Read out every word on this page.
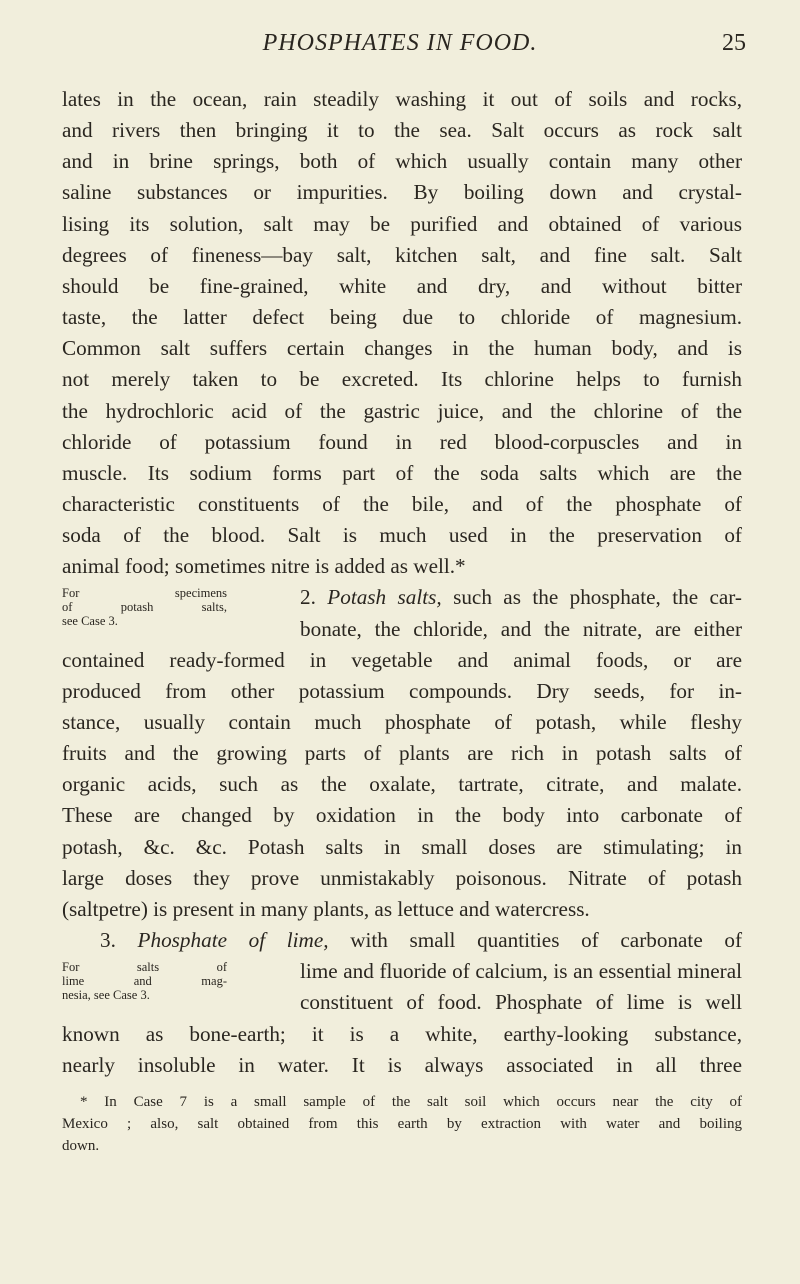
PHOSPHATES IN FOOD.	25
lates in the ocean, rain steadily washing it out of soils and rocks,
and rivers then bringing it to the sea. Salt occurs as rock salt
and in brine springs, both of which usually contain many other
saline substances or impurities. By boiling down and crystal-
lising its solution, salt may be purified and obtained of various
degrees of fineness—bay salt, kitchen salt, and fine salt. Salt
should be fine-grained, white and dry, and without bitter
taste, the latter defect being due to chloride of magnesium.
Common salt suffers certain changes in the human body, and is
not merely taken to be excreted. Its chlorine helps to furnish
the hydrochloric acid of the gastric juice, and the chlorine of the
chloride of potassium found in red blood-corpuscles and in
muscle. Its sodium forms part of the soda salts which are the
characteristic constituents of the bile, and of the phosphate of
soda of the blood. Salt is much used in the preservation of
animal food; sometimes nitre is added as well.*
For specimens
of potash salts,
see Case 3.
2. Potash salts, such as the phosphate, the car-
bonate, the chloride, and the nitrate, are either
contained ready-formed in vegetable and animal foods, or are
produced from other potassium compounds. Dry seeds, for in-
stance, usually contain much phosphate of potash, while fleshy
fruits and the growing parts of plants are rich in potash salts of
organic acids, such as the oxalate, tartrate, citrate, and malate.
These are changed by oxidation in the body into carbonate of
potash, &c. &c. Potash salts in small doses are stimulating; in
large doses they prove unmistakably poisonous. Nitrate of potash
(saltpetre) is present in many plants, as lettuce and watercress.
3. Phosphate of lime, with small quantities of carbonate of
For salts of
lime and mag-
nesia, see Case 3.
lime and fluoride of calcium, is an essential mineral
constituent of food. Phosphate of lime is well
known as bone-earth; it is a white, earthy-looking substance,
nearly insoluble in water. It is always associated in all three
* In Case 7 is a small sample of the salt soil which occurs near the city of
Mexico ; also, salt obtained from this earth by extraction with water and boiling
down.
